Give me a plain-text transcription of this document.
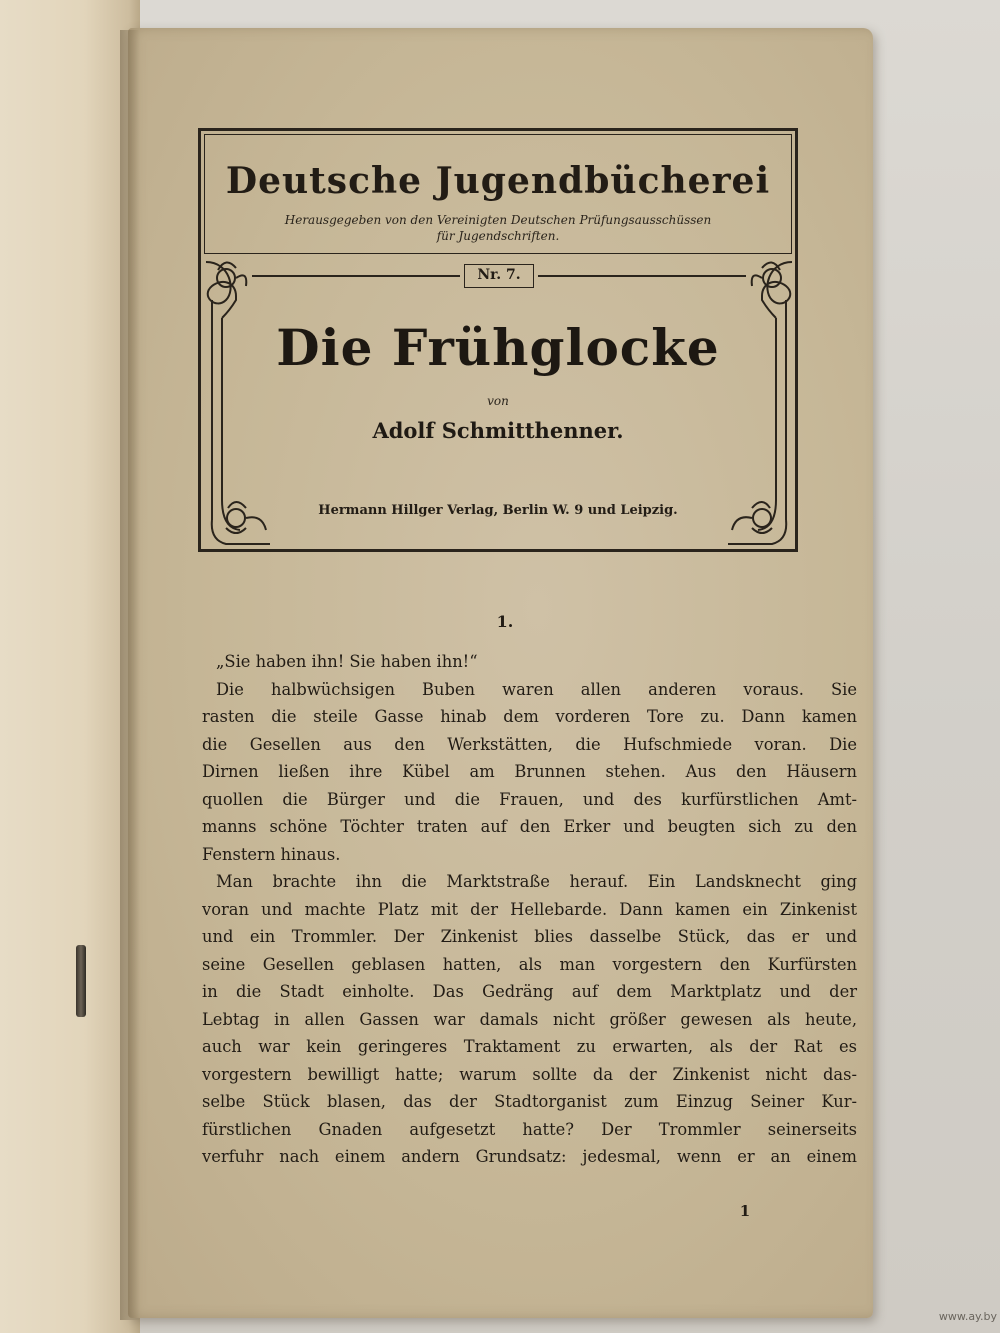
Deutsche Jugendbücherei
Herausgegeben von den Vereinigten Deutschen Prüfungsausschüssen
für Jugendschriften.
Nr. 7.
Die Frühglocke
von
Adolf Schmitthenner.
Hermann Hillger Verlag, Berlin W. 9 und Leipzig.
1.
„Sie haben ihn! Sie haben ihn!“
Die halbwüchsigen Buben waren allen anderen voraus. Sie
rasten die steile Gasse hinab dem vorderen Tore zu. Dann kamen
die Gesellen aus den Werkstätten, die Hufschmiede voran. Die
Dirnen ließen ihre Kübel am Brunnen stehen. Aus den Häusern
quollen die Bürger und die Frauen, und des kurfürstlichen Amt-
manns schöne Töchter traten auf den Erker und beugten sich zu den
Fenstern hinaus.
Man brachte ihn die Marktstraße herauf. Ein Landsknecht ging
voran und machte Platz mit der Hellebarde. Dann kamen ein Zinkenist
und ein Trommler. Der Zinkenist blies dasselbe Stück, das er und
seine Gesellen geblasen hatten, als man vorgestern den Kurfürsten
in die Stadt einholte. Das Gedräng auf dem Marktplatz und der
Lebtag in allen Gassen war damals nicht größer gewesen als heute,
auch war kein geringeres Traktament zu erwarten, als der Rat es
vorgestern bewilligt hatte; warum sollte da der Zinkenist nicht das-
selbe Stück blasen, das der Stadtorganist zum Einzug Seiner Kur-
fürstlichen Gnaden aufgesetzt hatte? Der Trommler seinerseits
verfuhr nach einem andern Grundsatz: jedesmal, wenn er an einem
1
www.ay.by
